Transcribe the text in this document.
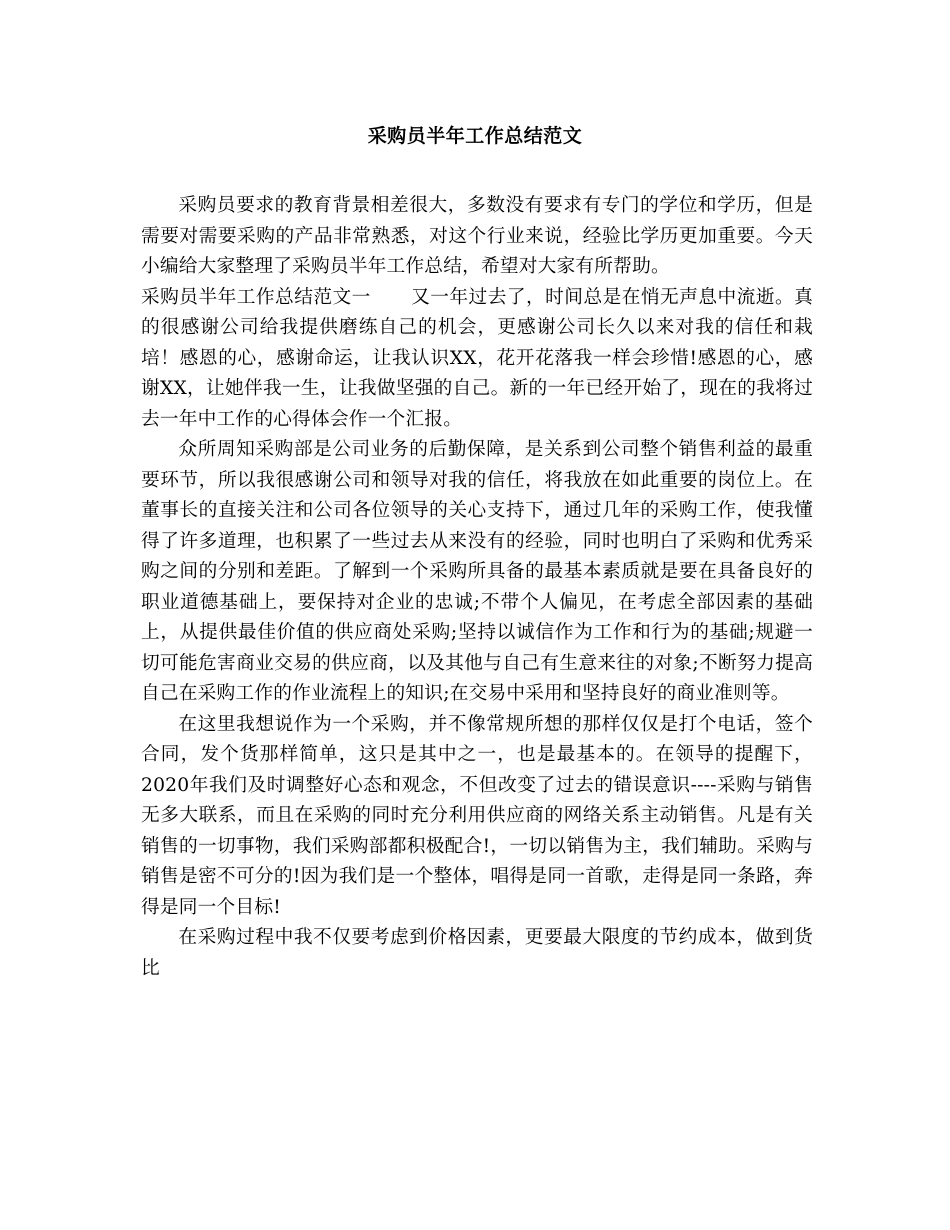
采购员半年工作总结范文

采购员要求的教育背景相差很大，多数没有要求有专门的学位和学历，但是需要对需要采购的产品非常熟悉，对这个行业来说，经验比学历更加重要。今天小编给大家整理了采购员半年工作总结，希望对大家有所帮助。

采购员半年工作总结范文一 又一年过去了，时间总是在悄无声息中流逝。真的很感谢公司给我提供磨练自己的机会，更感谢公司长久以来对我的信任和栽培！感恩的心，感谢命运，让我认识XX，花开花落我一样会珍惜!感恩的心，感谢XX，让她伴我一生，让我做坚强的自己。新的一年已经开始了，现在的我将过去一年中工作的心得体会作一个汇报。

众所周知采购部是公司业务的后勤保障，是关系到公司整个销售利益的最重要环节，所以我很感谢公司和领导对我的信任，将我放在如此重要的岗位上。在董事长的直接关注和公司各位领导的关心支持下，通过几年的采购工作，使我懂得了许多道理，也积累了一些过去从来没有的经验，同时也明白了采购和优秀采购之间的分别和差距。了解到一个采购所具备的最基本素质就是要在具备良好的职业道德基础上，要保持对企业的忠诚;不带个人偏见，在考虑全部因素的基础上，从提供最佳价值的供应商处采购;坚持以诚信作为工作和行为的基础;规避一切可能危害商业交易的供应商，以及其他与自己有生意来往的对象;不断努力提高自己在采购工作的作业流程上的知识;在交易中采用和坚持良好的商业准则等。

在这里我想说作为一个采购，并不像常规所想的那样仅仅是打个电话，签个合同，发个货那样简单，这只是其中之一，也是最基本的。在领导的提醒下，2020年我们及时调整好心态和观念，不但改变了过去的错误意识----采购与销售无多大联系，而且在采购的同时充分利用供应商的网络关系主动销售。凡是有关销售的一切事物，我们采购部都积极配合!，一切以销售为主，我们辅助。采购与销售是密不可分的!因为我们是一个整体，唱得是同一首歌，走得是同一条路，奔得是同一个目标!

在采购过程中我不仅要考虑到价格因素，更要最大限度的节约成本，做到货比
